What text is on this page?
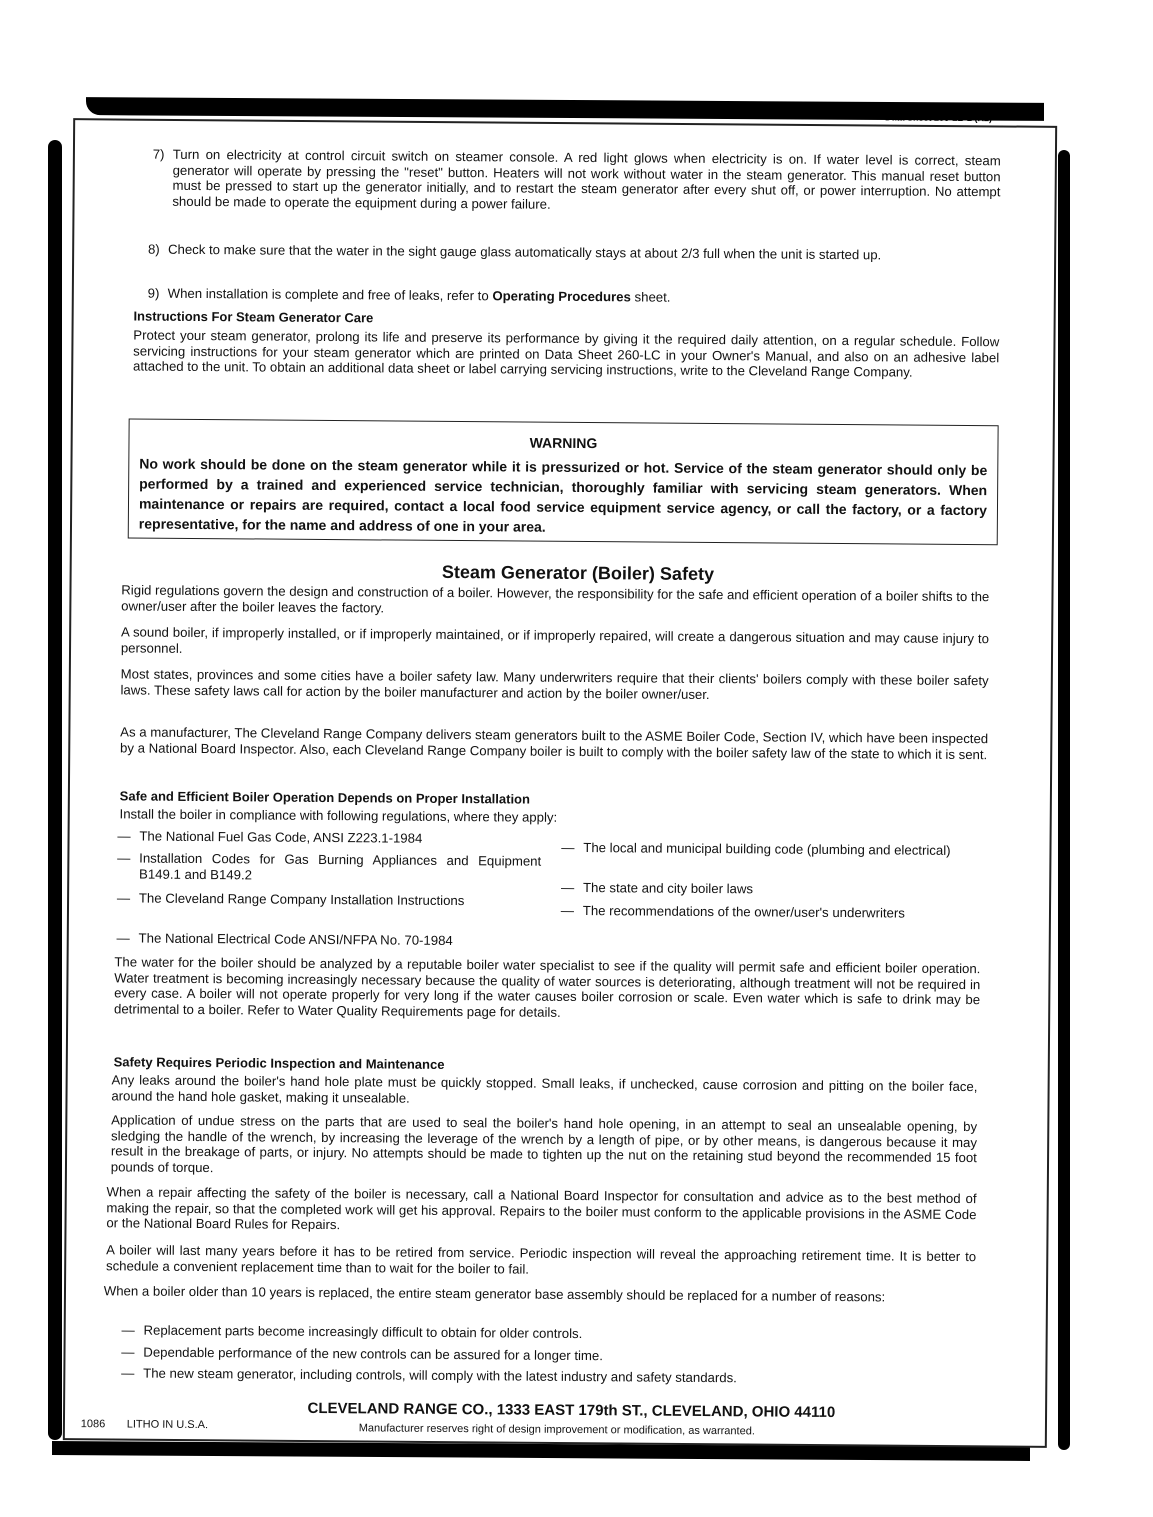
Data Sheet 260-LB-2 (R2)
7) Turn on electricity at control circuit switch on steamer console. A red light glows when electricity is on. If water level is correct, steam generator will operate by pressing the "reset" button. Heaters will not work without water in the steam generator. This manual reset button must be pressed to start up the generator initially, and to restart the steam generator after every shut off, or power interruption. No attempt should be made to operate the equipment during a power failure.
8) Check to make sure that the water in the sight gauge glass automatically stays at about 2/3 full when the unit is started up.
9) When installation is complete and free of leaks, refer to Operating Procedures sheet.
Instructions For Steam Generator Care
Protect your steam generator, prolong its life and preserve its performance by giving it the required daily attention, on a regular schedule. Follow servicing instructions for your steam generator which are printed on Data Sheet 260-LC in your Owner's Manual, and also on an adhesive label attached to the unit. To obtain an additional data sheet or label carrying servicing instructions, write to the Cleveland Range Company.
WARNING
No work should be done on the steam generator while it is pressurized or hot. Service of the steam generator should only be performed by a trained and experienced service technician, thoroughly familiar with servicing steam generators. When maintenance or repairs are required, contact a local food service equipment service agency, or call the factory, or a factory representative, for the name and address of one in your area.
Steam Generator (Boiler) Safety
Rigid regulations govern the design and construction of a boiler. However, the responsibility for the safe and efficient operation of a boiler shifts to the owner/user after the boiler leaves the factory.
A sound boiler, if improperly installed, or if improperly maintained, or if improperly repaired, will create a dangerous situation and may cause injury to personnel.
Most states, provinces and some cities have a boiler safety law. Many underwriters require that their clients' boilers comply with these boiler safety laws. These safety laws call for action by the boiler manufacturer and action by the boiler owner/user.
As a manufacturer, The Cleveland Range Company delivers steam generators built to the ASME Boiler Code, Section IV, which have been inspected by a National Board Inspector. Also, each Cleveland Range Company boiler is built to comply with the boiler safety law of the state to which it is sent.
Safe and Efficient Boiler Operation Depends on Proper Installation
Install the boiler in compliance with following regulations, where they apply:
— The National Fuel Gas Code, ANSI Z223.1-1984
— Installation Codes for Gas Burning Appliances and Equipment B149.1 and B149.2
— The Cleveland Range Company Installation Instructions
— The National Electrical Code ANSI/NFPA No. 70-1984
— The local and municipal building code (plumbing and electrical)
— The state and city boiler laws
— The recommendations of the owner/user's underwriters
The water for the boiler should be analyzed by a reputable boiler water specialist to see if the quality will permit safe and efficient boiler operation. Water treatment is becoming increasingly necessary because the quality of water sources is deteriorating, although treatment will not be required in every case. A boiler will not operate properly for very long if the water causes boiler corrosion or scale. Even water which is safe to drink may be detrimental to a boiler. Refer to Water Quality Requirements page for details.
Safety Requires Periodic Inspection and Maintenance
Any leaks around the boiler's hand hole plate must be quickly stopped. Small leaks, if unchecked, cause corrosion and pitting on the boiler face, around the hand hole gasket, making it unsealable.
Application of undue stress on the parts that are used to seal the boiler's hand hole opening, in an attempt to seal an unsealable opening, by sledging the handle of the wrench, by increasing the leverage of the wrench by a length of pipe, or by other means, is dangerous because it may result in the breakage of parts, or injury. No attempts should be made to tighten up the nut on the retaining stud beyond the recommended 15 foot pounds of torque.
When a repair affecting the safety of the boiler is necessary, call a National Board Inspector for consultation and advice as to the best method of making the repair, so that the completed work will get his approval. Repairs to the boiler must conform to the applicable provisions in the ASME Code or the National Board Rules for Repairs.
A boiler will last many years before it has to be retired from service. Periodic inspection will reveal the approaching retirement time. It is better to schedule a convenient replacement time than to wait for the boiler to fail.
When a boiler older than 10 years is replaced, the entire steam generator base assembly should be replaced for a number of reasons:
— Replacement parts become increasingly difficult to obtain for older controls.
— Dependable performance of the new controls can be assured for a longer time.
— The new steam generator, including controls, will comply with the latest industry and safety standards.
CLEVELAND RANGE CO., 1333 EAST 179th ST., CLEVELAND, OHIO 44110
1086 LITHO IN U.S.A.	Manufacturer reserves right of design improvement or modification, as warranted.
